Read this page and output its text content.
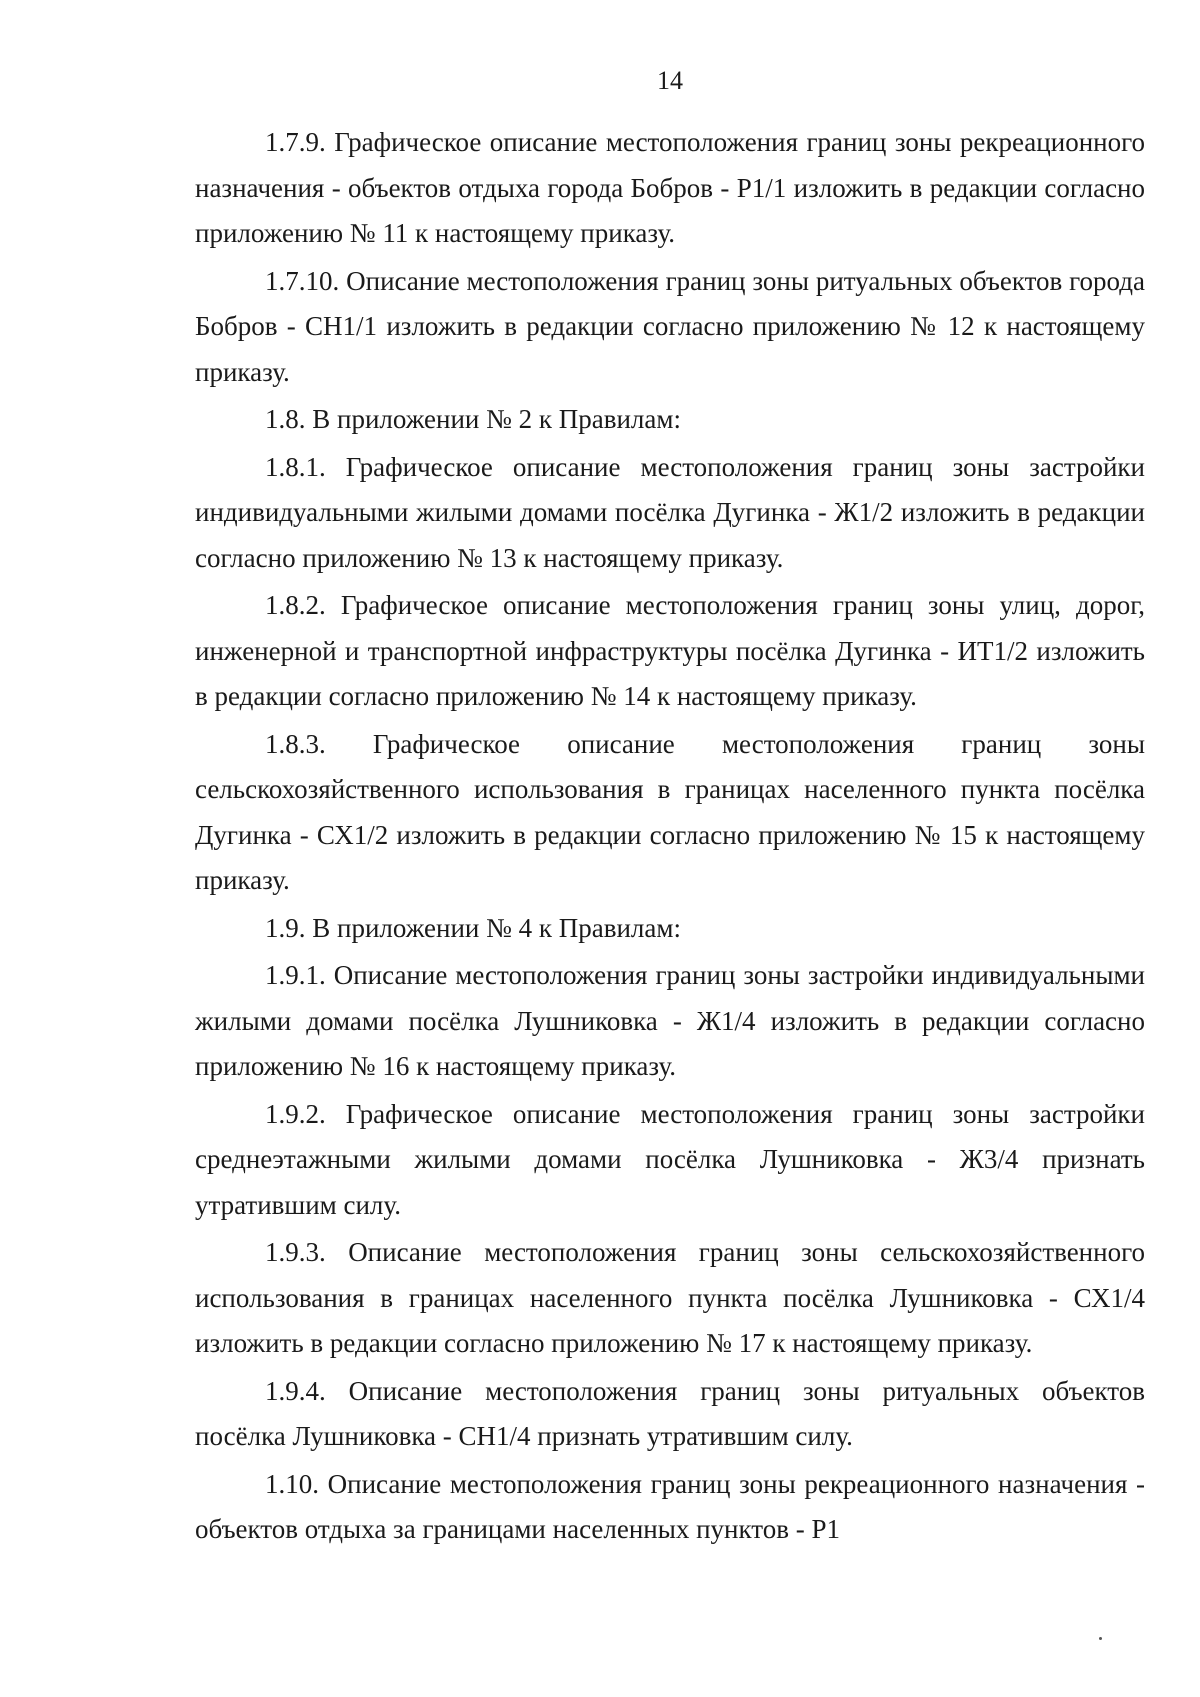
14

1.7.9. Графическое описание местоположения границ зоны рекреационного назначения - объектов отдыха города Бобров - Р1/1 изложить в редакции согласно приложению № 11 к настоящему приказу.

1.7.10. Описание местоположения границ зоны ритуальных объектов города Бобров - СН1/1 изложить в редакции согласно приложению № 12 к настоящему приказу.

1.8. В приложении № 2 к Правилам:

1.8.1. Графическое описание местоположения границ зоны застройки индивидуальными жилыми домами посёлка Дугинка - Ж1/2 изложить в редакции согласно приложению № 13 к настоящему приказу.

1.8.2. Графическое описание местоположения границ зоны улиц, дорог, инженерной и транспортной инфраструктуры посёлка Дугинка - ИТ1/2 изложить в редакции согласно приложению № 14 к настоящему приказу.

1.8.3. Графическое описание местоположения границ зоны сельскохозяйственного использования в границах населенного пункта посёлка Дугинка - СХ1/2 изложить в редакции согласно приложению № 15 к настоящему приказу.

1.9. В приложении № 4 к Правилам:

1.9.1. Описание местоположения границ зоны застройки индивидуальными жилыми домами посёлка Лушниковка - Ж1/4 изложить в редакции согласно приложению № 16 к настоящему приказу.

1.9.2. Графическое описание местоположения границ зоны застройки среднеэтажными жилыми домами посёлка Лушниковка - Ж3/4 признать утратившим силу.

1.9.3. Описание местоположения границ зоны сельскохозяйственного использования в границах населенного пункта посёлка Лушниковка - СХ1/4 изложить в редакции согласно приложению № 17 к настоящему приказу.

1.9.4. Описание местоположения границ зоны ритуальных объектов посёлка Лушниковка - СН1/4 признать утратившим силу.

1.10. Описание местоположения границ зоны рекреационного назначения - объектов отдыха за границами населенных пунктов - Р1
